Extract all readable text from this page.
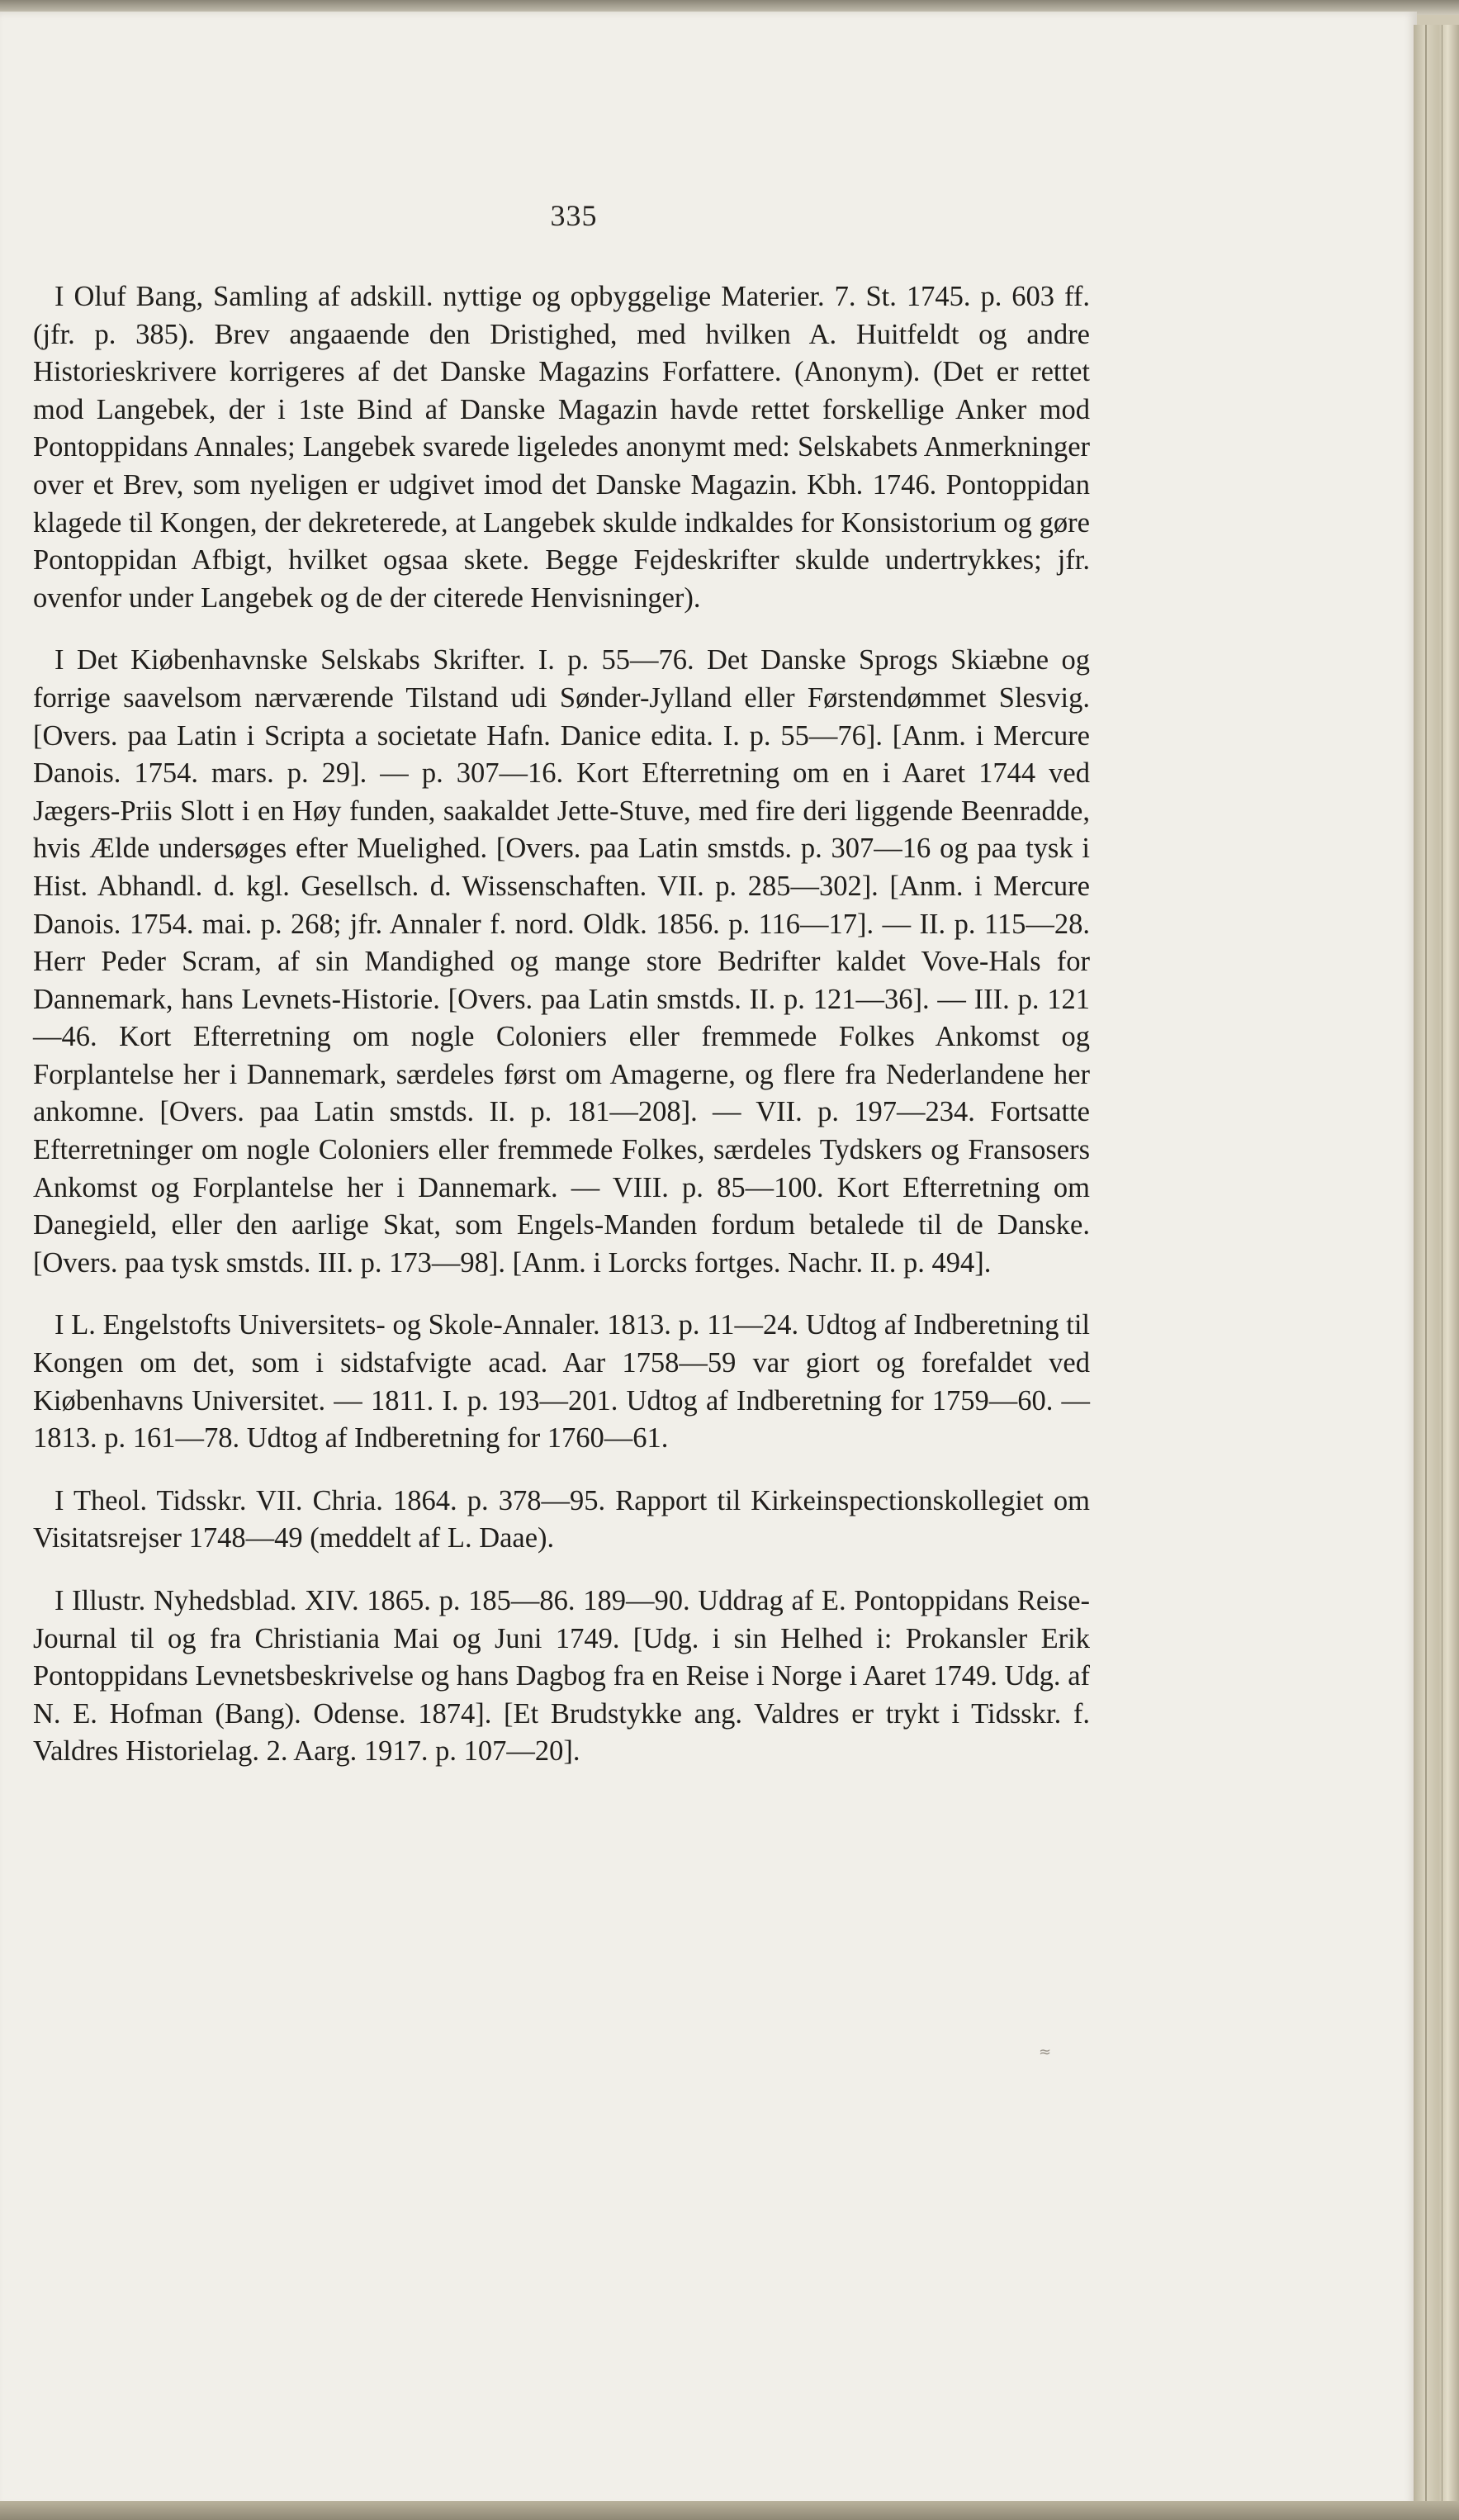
335

I Oluf Bang, Samling af adskill. nyttige og opbyggelige Materier. 7. St. 1745. p. 603 ff. (jfr. p. 385). Brev angaaende den Dristighed, med hvilken A. Huitfeldt og andre Historieskrivere korrigeres af det Danske Magazins Forfattere. (Anonym). (Det er rettet mod Langebek, der i 1ste Bind af Danske Magazin havde rettet forskellige Anker mod Pontoppidans Annales; Langebek svarede ligeledes anonymt med: Selskabets Anmerkninger over et Brev, som nyeligen er udgivet imod det Danske Magazin. Kbh. 1746. Pontoppidan klagede til Kongen, der dekreterede, at Langebek skulde indkaldes for Konsistorium og gøre Pontoppidan Afbigt, hvilket ogsaa skete. Begge Fejdeskrifter skulde undertrykkes; jfr. ovenfor under Langebek og de der citerede Henvisninger).

I Det Kiøbenhavnske Selskabs Skrifter. I. p. 55—76. Det Danske Sprogs Skiæbne og forrige saavelsom nærværende Tilstand udi Sønder-Jylland eller Førstendømmet Slesvig. [Overs. paa Latin i Scripta a societate Hafn. Danice edita. I. p. 55—76]. [Anm. i Mercure Danois. 1754. mars. p. 29]. — p. 307—16. Kort Efterretning om en i Aaret 1744 ved Jægers-Priis Slott i en Høy funden, saakaldet Jette-Stuve, med fire deri liggende Beenradde, hvis Ælde undersøges efter Muelighed. [Overs. paa Latin smstds. p. 307—16 og paa tysk i Hist. Abhandl. d. kgl. Gesellsch. d. Wissenschaften. VII. p. 285—302]. [Anm. i Mercure Danois. 1754. mai. p. 268; jfr. Annaler f. nord. Oldk. 1856. p. 116—17]. — II. p. 115—28. Herr Peder Scram, af sin Mandighed og mange store Bedrifter kaldet Vove-Hals for Dannemark, hans Levnets-Historie. [Overs. paa Latin smstds. II. p. 121—36]. — III. p. 121—46. Kort Efterretning om nogle Coloniers eller fremmede Folkes Ankomst og Forplantelse her i Dannemark, særdeles først om Amagerne, og flere fra Nederlandene her ankomne. [Overs. paa Latin smstds. II. p. 181—208]. — VII. p. 197—234. Fortsatte Efterretninger om nogle Coloniers eller fremmede Folkes, særdeles Tydskers og Fransosers Ankomst og Forplantelse her i Dannemark. — VIII. p. 85—100. Kort Efterretning om Danegield, eller den aarlige Skat, som Engels-Manden fordum betalede til de Danske. [Overs. paa tysk smstds. III. p. 173—98]. [Anm. i Lorcks fortges. Nachr. II. p. 494].

I L. Engelstofts Universitets- og Skole-Annaler. 1813. p. 11—24. Udtog af Indberetning til Kongen om det, som i sidstafvigte acad. Aar 1758—59 var giort og forefaldet ved Kiøbenhavns Universitet. — 1811. I. p. 193—201. Udtog af Indberetning for 1759—60. — 1813. p. 161—78. Udtog af Indberetning for 1760—61.

I Theol. Tidsskr. VII. Chria. 1864. p. 378—95. Rapport til Kirkeinspectionskollegiet om Visitatsrejser 1748—49 (meddelt af L. Daae).

I Illustr. Nyhedsblad. XIV. 1865. p. 185—86. 189—90. Uddrag af E. Pontoppidans Reise-Journal til og fra Christiania Mai og Juni 1749. [Udg. i sin Helhed i: Prokansler Erik Pontoppidans Levnetsbeskrivelse og hans Dagbog fra en Reise i Norge i Aaret 1749. Udg. af N. E. Hofman (Bang). Odense. 1874]. [Et Brudstykke ang. Valdres er trykt i Tidsskr. f. Valdres Historielag. 2. Aarg. 1917. p. 107—20].

≈
